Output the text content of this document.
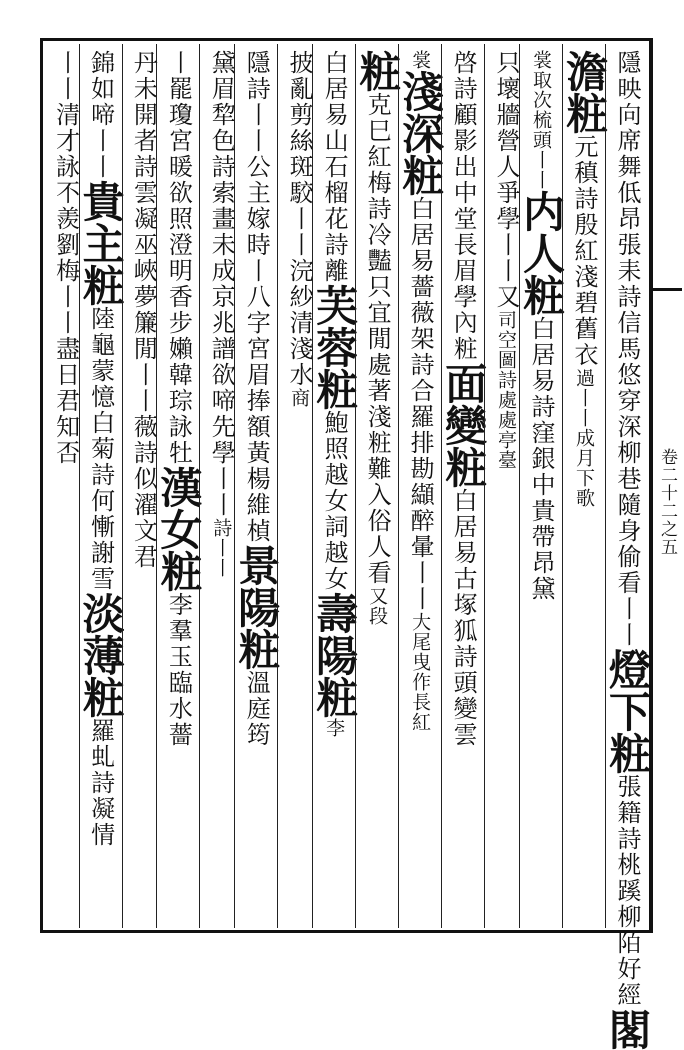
卷二十二之五
隱映向席舞低昂張耒詩信馬悠穿深柳巷隨身偷看丨丨燈下粧張籍詩桃蹊柳陌好經閣
澹粧元稹詩殷紅淺碧舊衣過丨丨成月下歌
裳取次梳頭丨丨内人粧白居易詩窪銀中貴帶昂黛
只壞牆營人爭學丨丨又司空圖詩處處亭臺
啓詩顧影出中堂長眉學內粧面變粧白居易古塚狐詩頭變雲
裳淺深粧白居易薔薇架詩合羅排勘纈醉暈丨丨大尾曳作長紅
粧克巳紅梅詩冷豔只宜閒處著淺粧難入俗人看又段
白居易山石榴花詩離芙蓉粧鮑照越女詞越女壽陽粧李
披亂剪絲斑駮丨丨浣紗清淺水商
隱詩丨丨公主嫁時丨八字宮眉捧額黃楊維楨景陽粧溫庭筠
黛眉犂色詩索畫未成京兆譜欲啼先學丨丨詩丨丨
丨罷瓊宮暖欲照澄明香步嬾韓琮詠牡漢女粧李羣玉臨水薔
丹未開者詩雲凝巫峽夢簾閒丨丨薇詩似濯文君
錦如啼丨丨貴主粧陸龜蒙憶白菊詩何慚謝雪淡薄粧羅虬詩凝情
丨丨清才詠不羨劉梅丨丨盡日君知否
